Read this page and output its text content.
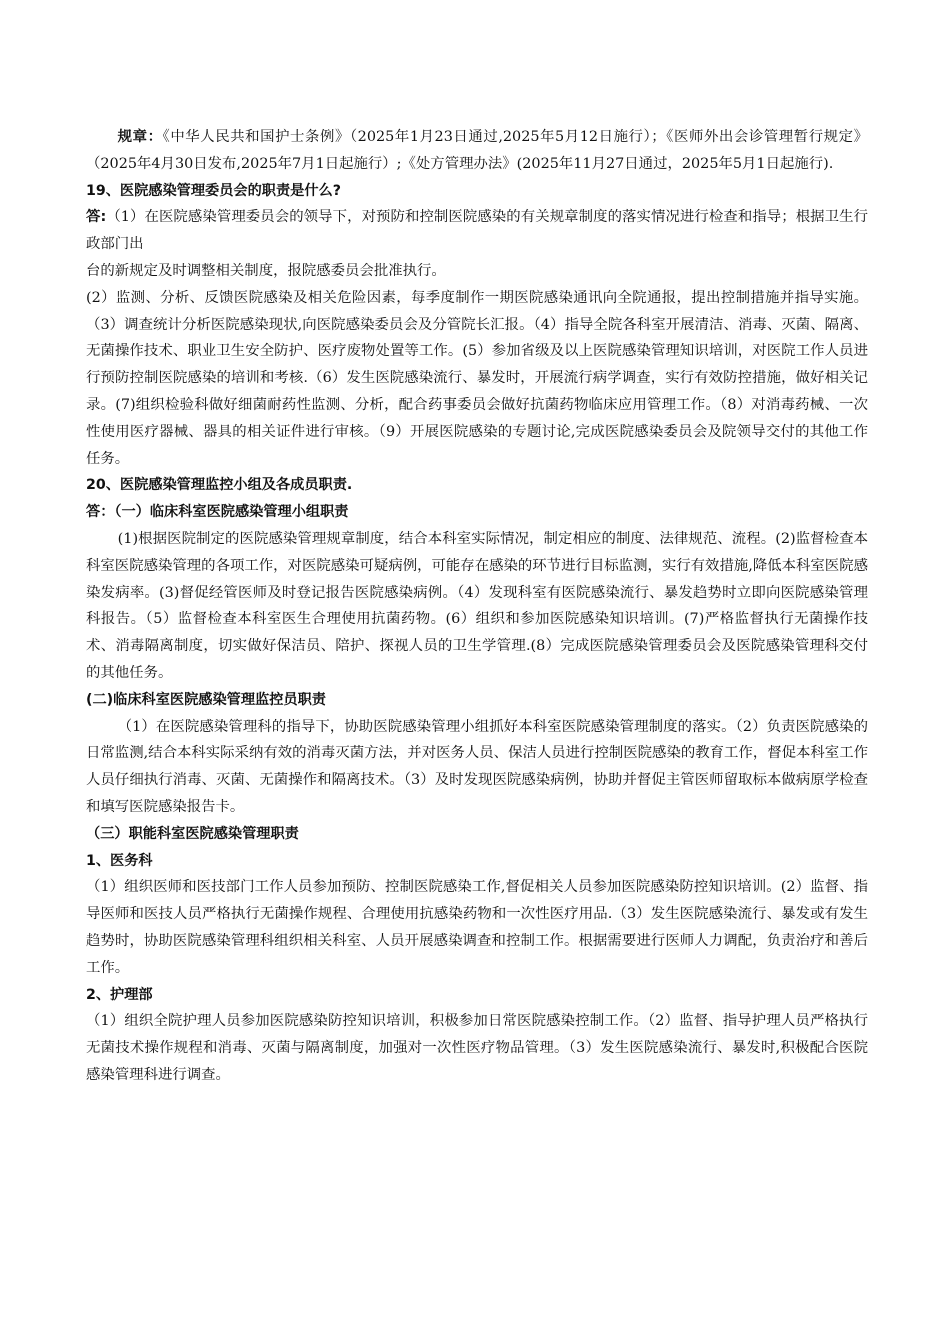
规章：《中华人民共和国护士条例》（2025年1月23日通过,2025年5月12日施行）；《医师外出会诊管理暂行规定》（2025年4月30日发布,2025年7月1日起施行）;《处方管理办法》(2025年11月27日通过，2025年5月1日起施行).

19、医院感染管理委员会的职责是什么?

答:（1）在医院感染管理委员会的领导下，对预防和控制医院感染的有关规章制度的落实情况进行检查和指导；根据卫生行政部门出

台的新规定及时调整相关制度，报院感委员会批准执行。

(2）监测、分析、反馈医院感染及相关危险因素，每季度制作一期医院感染通讯向全院通报，提出控制措施并指导实施。（3）调查统计分析医院感染现状,向医院感染委员会及分管院长汇报。（4）指导全院各科室开展清洁、消毒、灭菌、隔离、无菌操作技术、职业卫生安全防护、医疗废物处置等工作。(5）参加省级及以上医院感染管理知识培训，对医院工作人员进行预防控制医院感染的培训和考核.（6）发生医院感染流行、暴发时，开展流行病学调查，实行有效防控措施，做好相关记录。(7)组织检验科做好细菌耐药性监测、分析，配合药事委员会做好抗菌药物临床应用管理工作。（8）对消毒药械、一次性使用医疗器械、器具的相关证件进行审核。（9）开展医院感染的专题讨论,完成医院感染委员会及院领导交付的其他工作任务。

20、医院感染管理监控小组及各成员职责.

答：（一）临床科室医院感染管理小组职责

(1)根据医院制定的医院感染管理规章制度，结合本科室实际情况，制定相应的制度、法律规范、流程。(2)监督检查本科室医院感染管理的各项工作，对医院感染可疑病例，可能存在感染的环节进行目标监测，实行有效措施,降低本科室医院感染发病率。(3)督促经管医师及时登记报告医院感染病例。（4）发现科室有医院感染流行、暴发趋势时立即向医院感染管理科报告。（5）监督检查本科室医生合理使用抗菌药物。(6）组织和参加医院感染知识培训。(7)严格监督执行无菌操作技术、消毒隔离制度，切实做好保洁员、陪护、探视人员的卫生学管理.(8）完成医院感染管理委员会及医院感染管理科交付的其他任务。

(二)临床科室医院感染管理监控员职责

（1）在医院感染管理科的指导下，协助医院感染管理小组抓好本科室医院感染管理制度的落实。（2）负责医院感染的日常监测,结合本科实际采纳有效的消毒灭菌方法，并对医务人员、保洁人员进行控制医院感染的教育工作，督促本科室工作人员仔细执行消毒、灭菌、无菌操作和隔离技术。（3）及时发现医院感染病例，协助并督促主管医师留取标本做病原学检查和填写医院感染报告卡。

（三）职能科室医院感染管理职责

1、医务科

（1）组织医师和医技部门工作人员参加预防、控制医院感染工作,督促相关人员参加医院感染防控知识培训。(2）监督、指导医师和医技人员严格执行无菌操作规程、合理使用抗感染药物和一次性医疗用品.（3）发生医院感染流行、暴发或有发生趋势时，协助医院感染管理科组织相关科室、人员开展感染调查和控制工作。根据需要进行医师人力调配，负责治疗和善后工作。

2、护理部

（1）组织全院护理人员参加医院感染防控知识培训，积极参加日常医院感染控制工作。（2）监督、指导护理人员严格执行无菌技术操作规程和消毒、灭菌与隔离制度，加强对一次性医疗物品管理。（3）发生医院感染流行、暴发时,积极配合医院感染管理科进行调查。
